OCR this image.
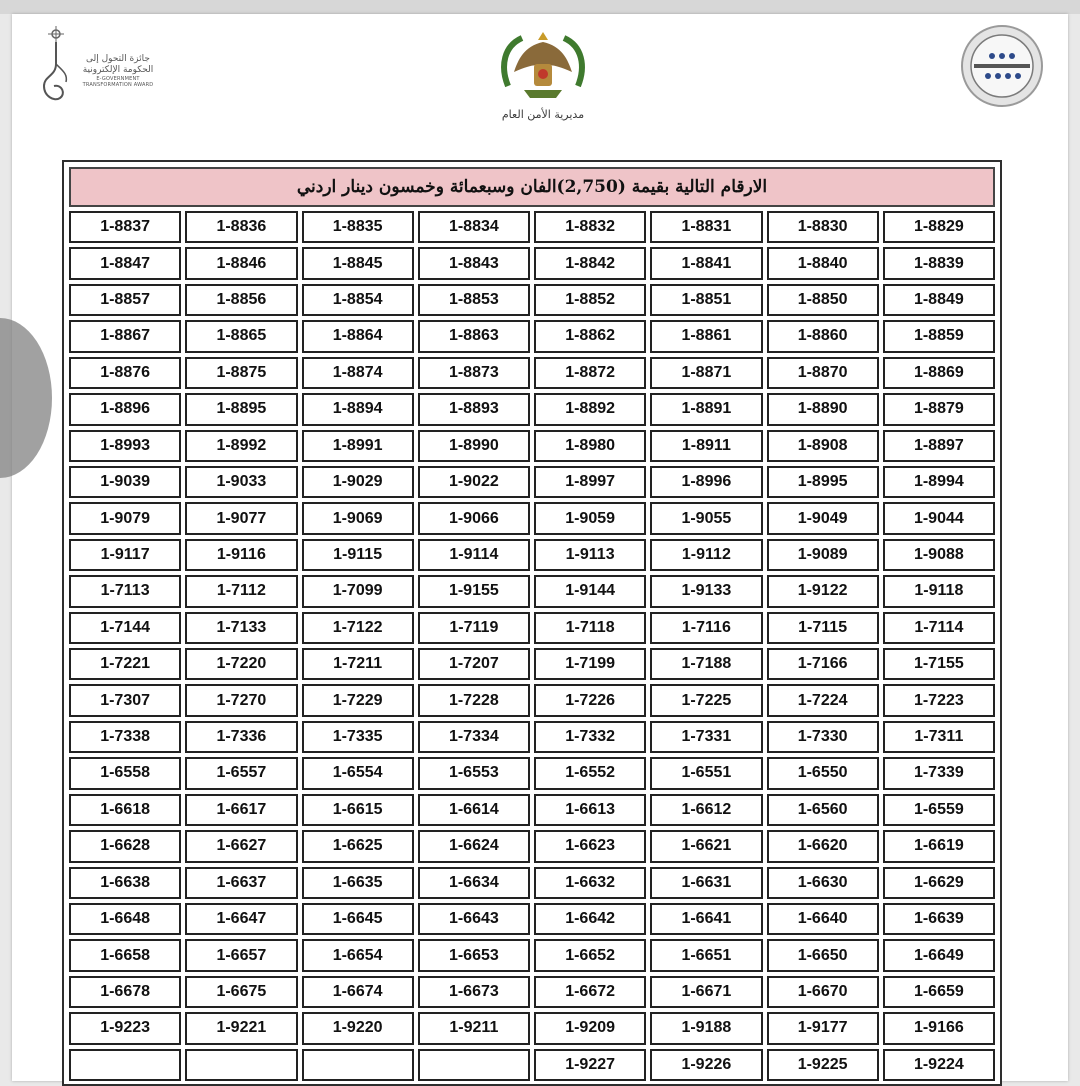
جائزة التحول إلى
الحكومة الإلكترونية
E-GOVERNMENT TRANSFORMATION AWARD
مديرية الأمن العام
الارقام التالية بقيمة (2,750)الفان وسبعمائة وخمسون دينار اردني
1-8829
1-8830
1-8831
1-8832
1-8834
1-8835
1-8836
1-8837
1-8839
1-8840
1-8841
1-8842
1-8843
1-8845
1-8846
1-8847
1-8849
1-8850
1-8851
1-8852
1-8853
1-8854
1-8856
1-8857
1-8859
1-8860
1-8861
1-8862
1-8863
1-8864
1-8865
1-8867
1-8869
1-8870
1-8871
1-8872
1-8873
1-8874
1-8875
1-8876
1-8879
1-8890
1-8891
1-8892
1-8893
1-8894
1-8895
1-8896
1-8897
1-8908
1-8911
1-8980
1-8990
1-8991
1-8992
1-8993
1-8994
1-8995
1-8996
1-8997
1-9022
1-9029
1-9033
1-9039
1-9044
1-9049
1-9055
1-9059
1-9066
1-9069
1-9077
1-9079
1-9088
1-9089
1-9112
1-9113
1-9114
1-9115
1-9116
1-9117
1-9118
1-9122
1-9133
1-9144
1-9155
1-7099
1-7112
1-7113
1-7114
1-7115
1-7116
1-7118
1-7119
1-7122
1-7133
1-7144
1-7155
1-7166
1-7188
1-7199
1-7207
1-7211
1-7220
1-7221
1-7223
1-7224
1-7225
1-7226
1-7228
1-7229
1-7270
1-7307
1-7311
1-7330
1-7331
1-7332
1-7334
1-7335
1-7336
1-7338
1-7339
1-6550
1-6551
1-6552
1-6553
1-6554
1-6557
1-6558
1-6559
1-6560
1-6612
1-6613
1-6614
1-6615
1-6617
1-6618
1-6619
1-6620
1-6621
1-6623
1-6624
1-6625
1-6627
1-6628
1-6629
1-6630
1-6631
1-6632
1-6634
1-6635
1-6637
1-6638
1-6639
1-6640
1-6641
1-6642
1-6643
1-6645
1-6647
1-6648
1-6649
1-6650
1-6651
1-6652
1-6653
1-6654
1-6657
1-6658
1-6659
1-6670
1-6671
1-6672
1-6673
1-6674
1-6675
1-6678
1-9166
1-9177
1-9188
1-9209
1-9211
1-9220
1-9221
1-9223
1-9224
1-9225
1-9226
1-9227
